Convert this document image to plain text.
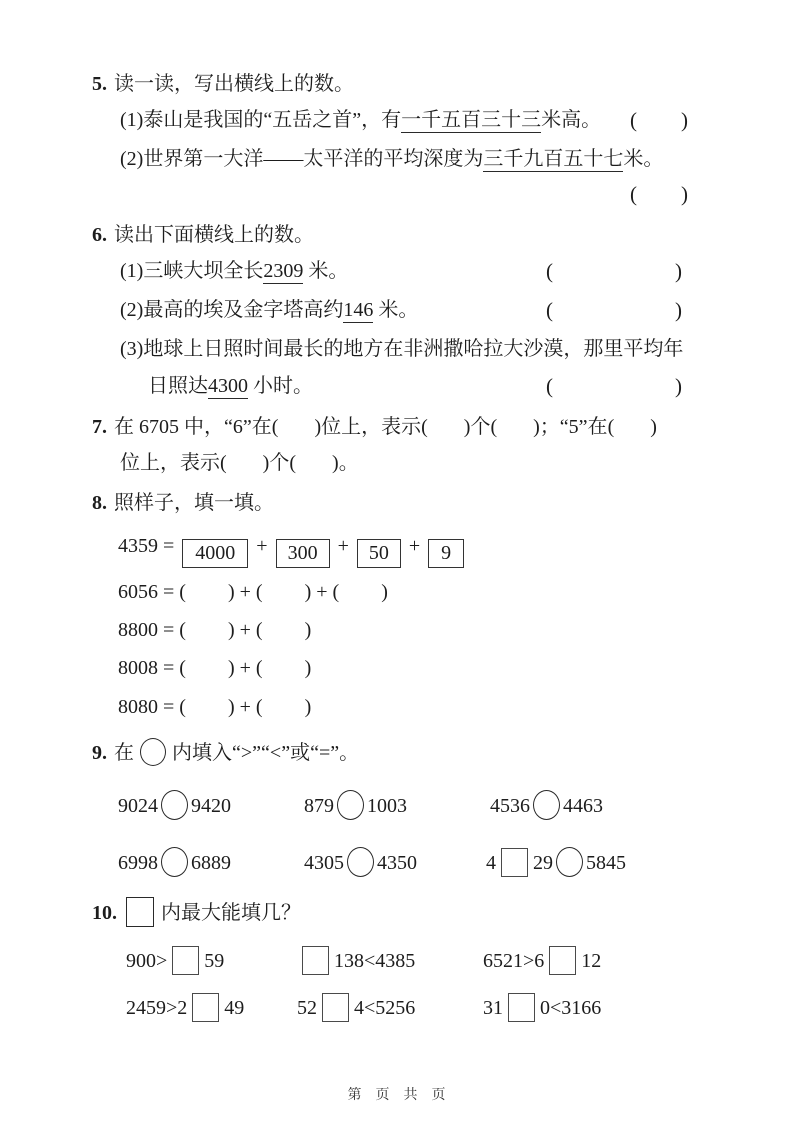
5. 读一读，写出横线上的数。
(1)泰山是我国的“五岳之首”，有一千五百三十三米高。 ( )
(2)世界第一大洋——太平洋的平均深度为三千九百五十七米。
( )
6. 读出下面横线上的数。
(1)三峡大坝全长2309 米。	(	)
(2)最高的埃及金字塔高约146 米。	(	)
(3)地球上日照时间最长的地方在非洲撒哈拉大沙漠，那里平均年
日照达4300 小时。	(	)
7. 在 6705 中，“6”在( )位上，表示( )个( )；“5”在( )
位上，表示( )个( )。
8. 照样子，填一填。
4359 = 4000 + 300 + 50 + 9
6056 = ( ) + ( ) + ( )
8800 = ( ) + ( )
8008 = ( ) + ( )
8080 = ( ) + ( )
9. 在 内填入“>”“<”或“=”。
9024 9420	879 1003	4536 4463
6998 6889	4305 4350	4 29 5845
10. 内最大能填几？
900> 59	138<4385	6521>6 12
2459>2 49	52 4<5256	31 0<3166
第页共页
